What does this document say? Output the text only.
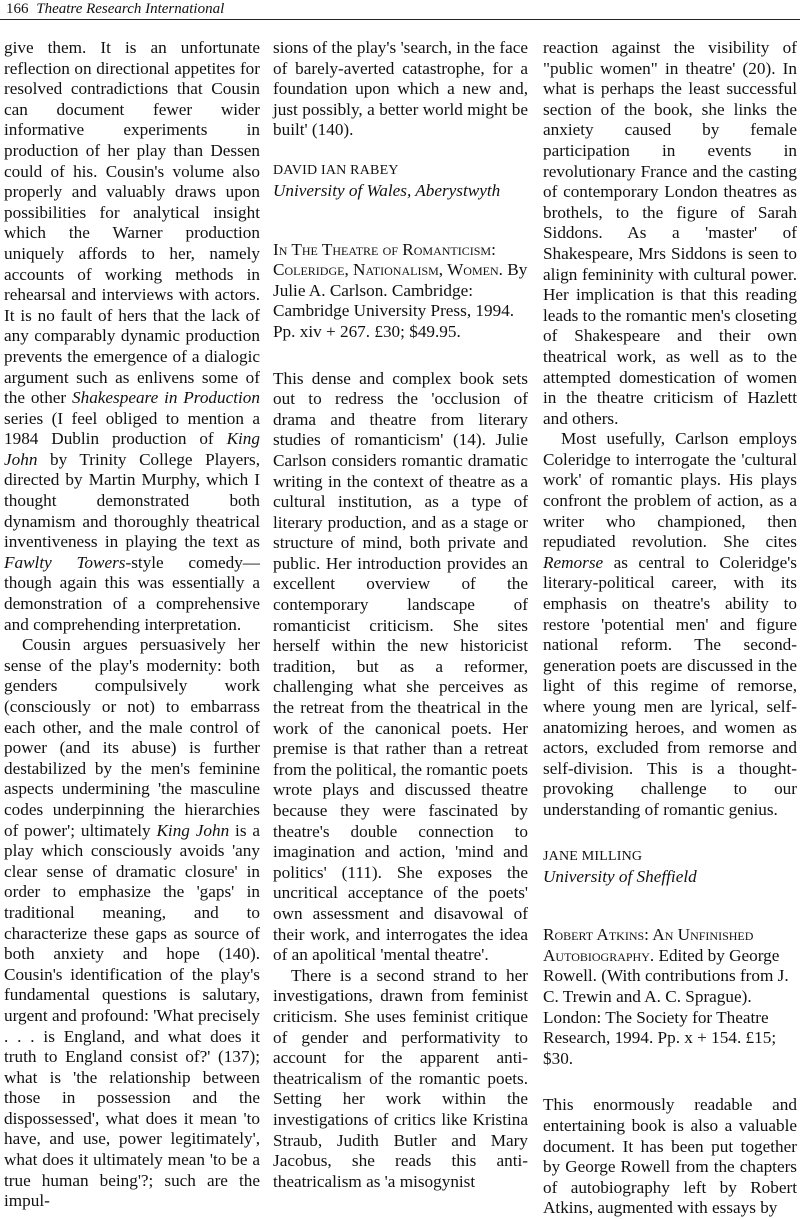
166 Theatre Research International

give them. It is an unfortunate reflection on directional appetites for resolved contradictions that Cousin can document fewer wider informative experiments in production of her play than Dessen could of his. Cousin's volume also properly and valuably draws upon possibilities for analytical insight which the Warner production uniquely affords to her, namely accounts of working methods in rehearsal and interviews with actors. It is no fault of hers that the lack of any comparably dynamic production prevents the emergence of a dialogic argument such as enlivens some of the other Shakespeare in Production series (I feel obliged to mention a 1984 Dublin production of King John by Trinity College Players, directed by Martin Murphy, which I thought demonstrated both dynamism and thoroughly theatrical inventiveness in playing the text as Fawlty Towers-style comedy—though again this was essentially a demonstration of a comprehensive and comprehending interpretation.

Cousin argues persuasively her sense of the play's modernity: both genders compulsively work (consciously or not) to embarrass each other, and the male control of power (and its abuse) is further destabilized by the men's feminine aspects undermining 'the masculine codes underpinning the hierarchies of power'; ultimately King John is a play which consciously avoids 'any clear sense of dramatic closure' in order to emphasize the 'gaps' in traditional meaning, and to characterize these gaps as source of both anxiety and hope (140). Cousin's identification of the play's fundamental questions is salutary, urgent and profound: 'What precisely . . . is England, and what does it truth to England consist of?' (137); what is 'the relationship between those in possession and the dispossessed', what does it mean 'to have, and use, power legitimately', what does it ultimately mean 'to be a true human being'?; such are the impul-

sions of the play's 'search, in the face of barely-averted catastrophe, for a foundation upon which a new and, just possibly, a better world might be built' (140).

DAVID IAN RABEY
University of Wales, Aberystwyth

In The Theatre of Romanticism: Coleridge, Nationalism, Women. By Julie A. Carlson. Cambridge: Cambridge University Press, 1994. Pp. xiv + 267. £30; $49.95.

This dense and complex book sets out to redress the 'occlusion of drama and theatre from literary studies of romanticism' (14). Julie Carlson considers romantic dramatic writing in the context of theatre as a cultural institution, as a type of literary production, and as a stage or structure of mind, both private and public. Her introduction provides an excellent overview of the contemporary landscape of romanticist criticism. She sites herself within the new historicist tradition, but as a reformer, challenging what she perceives as the retreat from the theatrical in the work of the canonical poets. Her premise is that rather than a retreat from the political, the romantic poets wrote plays and discussed theatre because they were fascinated by theatre's double connection to imagination and action, 'mind and politics' (111). She exposes the uncritical acceptance of the poets' own assessment and disavowal of their work, and interrogates the idea of an apolitical 'mental theatre'.

There is a second strand to her investigations, drawn from feminist criticism. She uses feminist critique of gender and performativity to account for the apparent anti-theatricalism of the romantic poets. Setting her work within the investigations of critics like Kristina Straub, Judith Butler and Mary Jacobus, she reads this anti-theatricalism as 'a misogynist

reaction against the visibility of "public women" in theatre' (20). In what is perhaps the least successful section of the book, she links the anxiety caused by female participation in events in revolutionary France and the casting of contemporary London theatres as brothels, to the figure of Sarah Siddons. As a 'master' of Shakespeare, Mrs Siddons is seen to align femininity with cultural power. Her implication is that this reading leads to the romantic men's closeting of Shakespeare and their own theatrical work, as well as to the attempted domestication of women in the theatre criticism of Hazlett and others.

Most usefully, Carlson employs Coleridge to interrogate the 'cultural work' of romantic plays. His plays confront the problem of action, as a writer who championed, then repudiated revolution. She cites Remorse as central to Coleridge's literary-political career, with its emphasis on theatre's ability to restore 'potential men' and figure national reform. The second-generation poets are discussed in the light of this regime of remorse, where young men are lyrical, self-anatomizing heroes, and women as actors, excluded from remorse and self-division. This is a thought-provoking challenge to our understanding of romantic genius.

JANE MILLING
University of Sheffield

Robert Atkins: An Unfinished Autobiography. Edited by George Rowell. (With contributions from J. C. Trewin and A. C. Sprague). London: The Society for Theatre Research, 1994. Pp. x + 154. £15; $30.

This enormously readable and entertaining book is also a valuable document. It has been put together by George Rowell from the chapters of autobiography left by Robert Atkins, augmented with essays by
